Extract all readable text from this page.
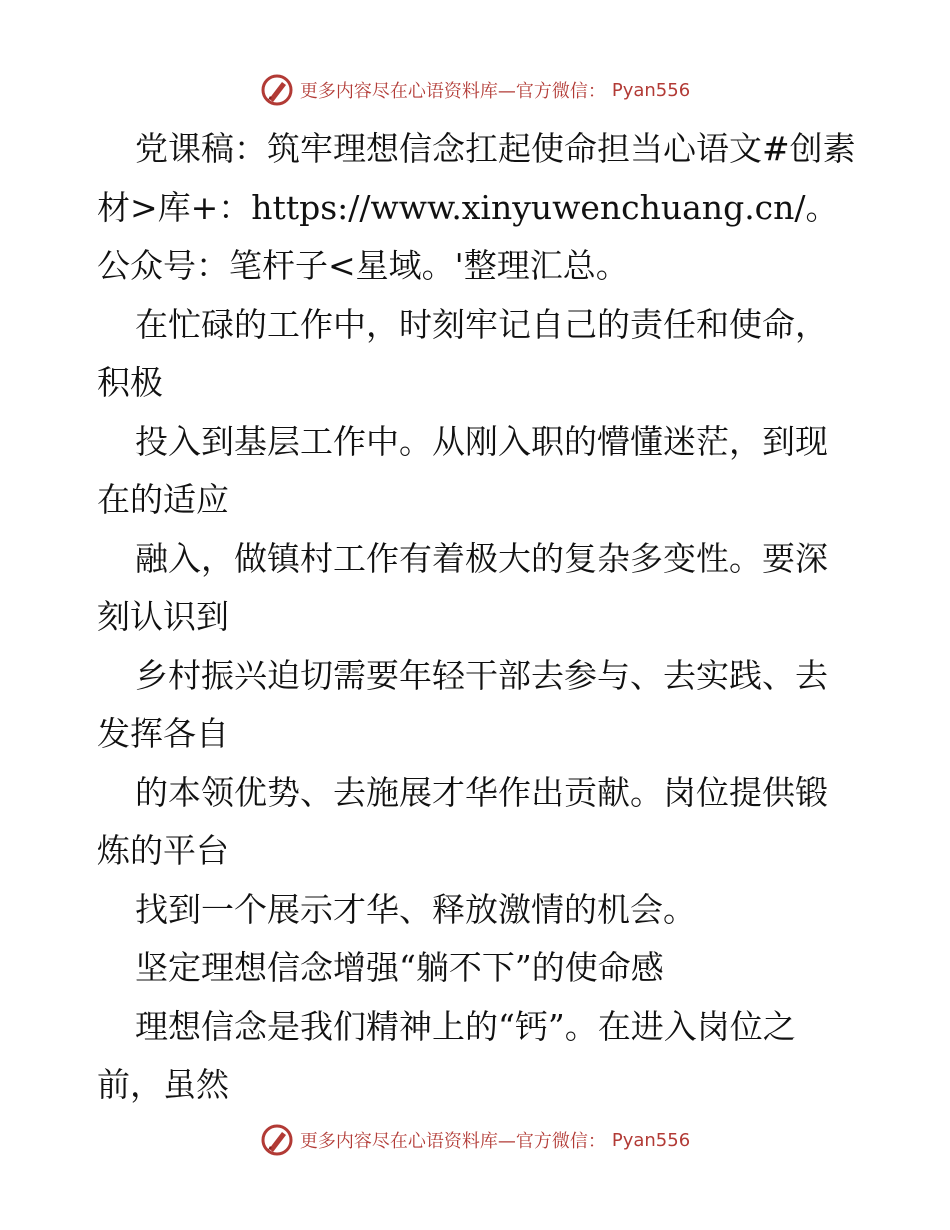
更多内容尽在心语资料库—官方微信： Pyan556

党课稿：筑牢理想信念扛起使命担当心语文#创素材>库+：https://www.xinyuwenchuang.cn/。公众号：笔杆子<星域。'整理汇总。

在忙碌的工作中，时刻牢记自己的责任和使命，积极

投入到基层工作中。从刚入职的懵懂迷茫，到现在的适应

融入，做镇村工作有着极大的复杂多变性。要深刻认识到

乡村振兴迫切需要年轻干部去参与、去实践、去发挥各自

的本领优势、去施展才华作出贡献。岗位提供锻炼的平台

找到一个展示才华、释放激情的机会。

坚定理想信念增强“躺不下”的使命感

理想信念是我们精神上的“钙”。在进入岗位之前，虽然

更多内容尽在心语资料库—官方微信： Pyan556
